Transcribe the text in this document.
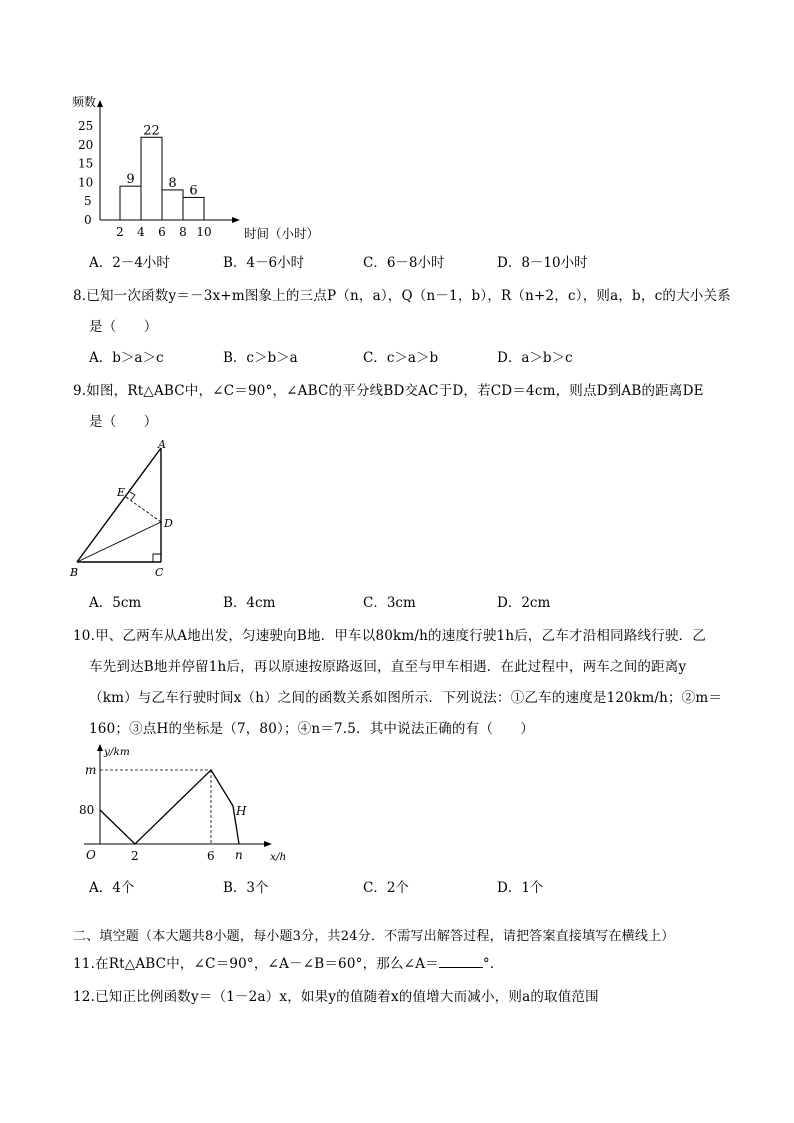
频数
25
20
15
10
5
0
9
22
8
6
2 4 6 8 10	时间（小时）
A．2－4小时	B．4－6小时	C．6－8小时	D．8－10小时
8.已知一次函数y＝－3x+m图象上的三点P（n，a），Q（n－1，b），R（n+2，c），则a，b，c的大小关系
是（　　）
A．b＞a＞c	B．c＞b＞a	C．c＞a＞b	D．a＞b＞c
9.如图，Rt△ABC中，∠C＝90°，∠ABC的平分线BD交AC于D，若CD＝4cm，则点D到AB的距离DE
是（　　）
A
E
D
B	C
A．5cm	B．4cm	C．3cm	D．2cm
10.甲、乙两车从A地出发，匀速驶向B地．甲车以80km/h的速度行驶1h后，乙车才沿相同路线行驶．乙
车先到达B地并停留1h后，再以原速按原路返回，直至与甲车相遇．在此过程中，两车之间的距离y
（km）与乙车行驶时间x（h）之间的函数关系如图所示．下列说法：①乙车的速度是120km/h；②m＝
160；③点H的坐标是（7，80）；④n＝7.5．其中说法正确的有（　　）
y/km
m
80
O	2	6 n
H
x/h
A．4个	B．3个	C．2个	D．1个
二、填空题（本大题共8小题，每小题3分，共24分．不需写出解答过程，请把答案直接填写在横线上）
11.在Rt△ABC中，∠C＝90°，∠A－∠B＝60°，那么∠A＝	°．
12.已知正比例函数y＝（1－2a）x，如果y的值随着x的值增大而减小，则a的取值范围
